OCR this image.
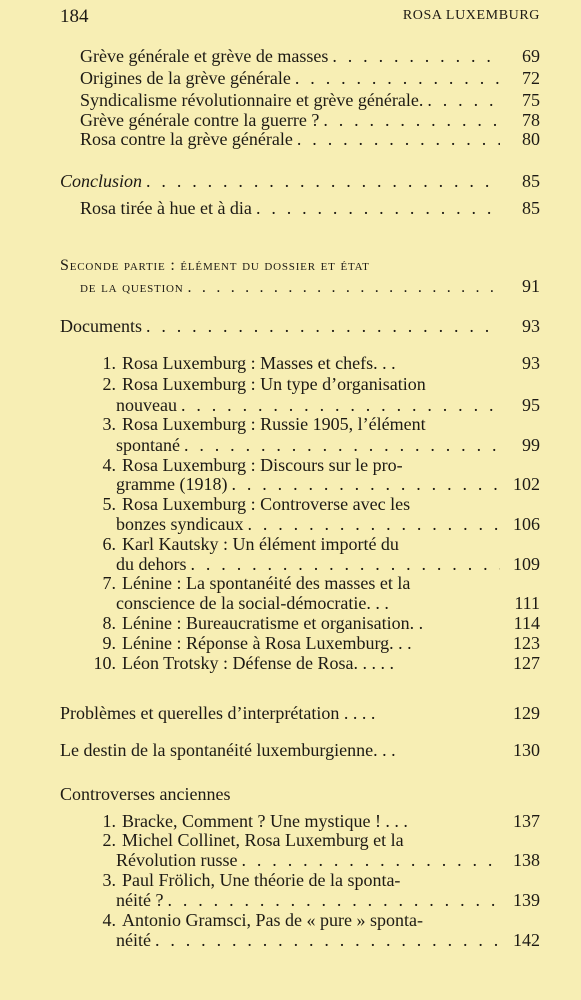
184	ROSA LUXEMBURG
Grève générale et grève de masses . . .	69
Origines de la grève générale . . .	72
Syndicalisme révolutionnaire et grève générale. . . .	75
Grève générale contre la guerre ? . . .	78
Rosa contre la grève générale . . .	80
Conclusion . . .	85
Rosa tirée à hue et à dia . . .	85
Seconde partie : élément du dossier et état
de la question . . .	91
Documents . . .	93
1. Rosa Luxemburg : Masses et chefs. . .	93
2. Rosa Luxemburg : Un type d’organisation
nouveau . . .	95
3. Rosa Luxemburg : Russie 1905, l’élément
spontané . . .	99
4. Rosa Luxemburg : Discours sur le pro-
gramme (1918) . . .	102
5. Rosa Luxemburg : Controverse avec les
bonzes syndicaux . . .	106
6. Karl Kautsky : Un élément importé du
du dehors . . .	109
7. Lénine : La spontanéité des masses et la
conscience de la social-démocratie. . .	111
8. Lénine : Bureaucratisme et organisation. .	114
9. Lénine : Réponse à Rosa Luxemburg. . .	123
10. Léon Trotsky : Défense de Rosa. . . . .	127
Problèmes et querelles d’interprétation . . . .	129
Le destin de la spontanéité luxemburgienne. . .	130
Controverses anciennes
1. Bracke, Comment ? Une mystique ! . . .	137
2. Michel Collinet, Rosa Luxemburg et la
Révolution russe . . .	138
3. Paul Frölich, Une théorie de la sponta-
néité ? . . .	139
4. Antonio Gramsci, Pas de « pure » sponta-
néité . . .	142
